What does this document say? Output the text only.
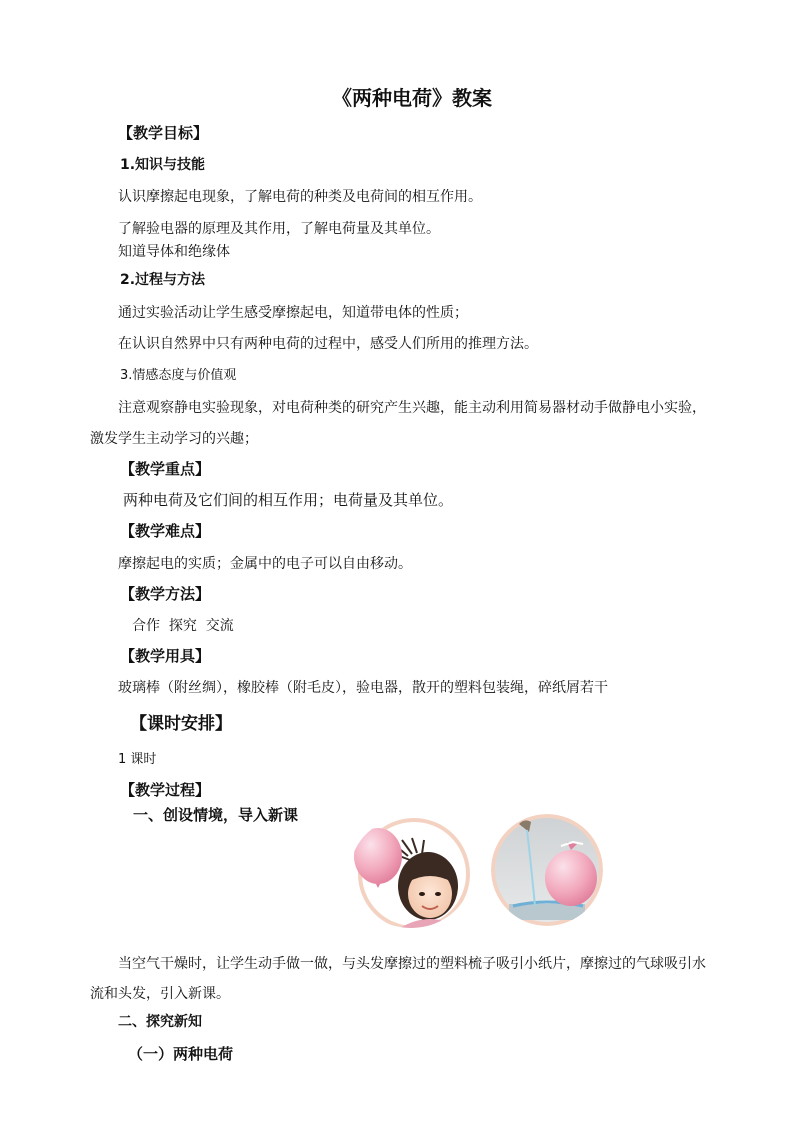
《两种电荷》教案
【教学目标】
1.知识与技能
认识摩擦起电现象，了解电荷的种类及电荷间的相互作用。
了解验电器的原理及其作用，了解电荷量及其单位。
知道导体和绝缘体
2.过程与方法
通过实验活动让学生感受摩擦起电，知道带电体的性质；
在认识自然界中只有两种电荷的过程中，感受人们所用的推理方法。
3.情感态度与价值观
注意观察静电实验现象，对电荷种类的研究产生兴趣，能主动利用简易器材动手做静电小实验，
激发学生主动学习的兴趣；
【教学重点】
两种电荷及它们间的相互作用；电荷量及其单位。
【教学难点】
摩擦起电的实质；金属中的电子可以自由移动。
【教学方法】
合作  探究  交流
【教学用具】
玻璃棒（附丝绸），橡胶棒（附毛皮），验电器，散开的塑料包装绳，碎纸屑若干
【课时安排】
1 课时
【教学过程】
一、创设情境，导入新课
当空气干燥时，让学生动手做一做，与头发摩擦过的塑料梳子吸引小纸片，摩擦过的气球吸引水
流和头发，引入新课。
二、探究新知
（一）两种电荷
